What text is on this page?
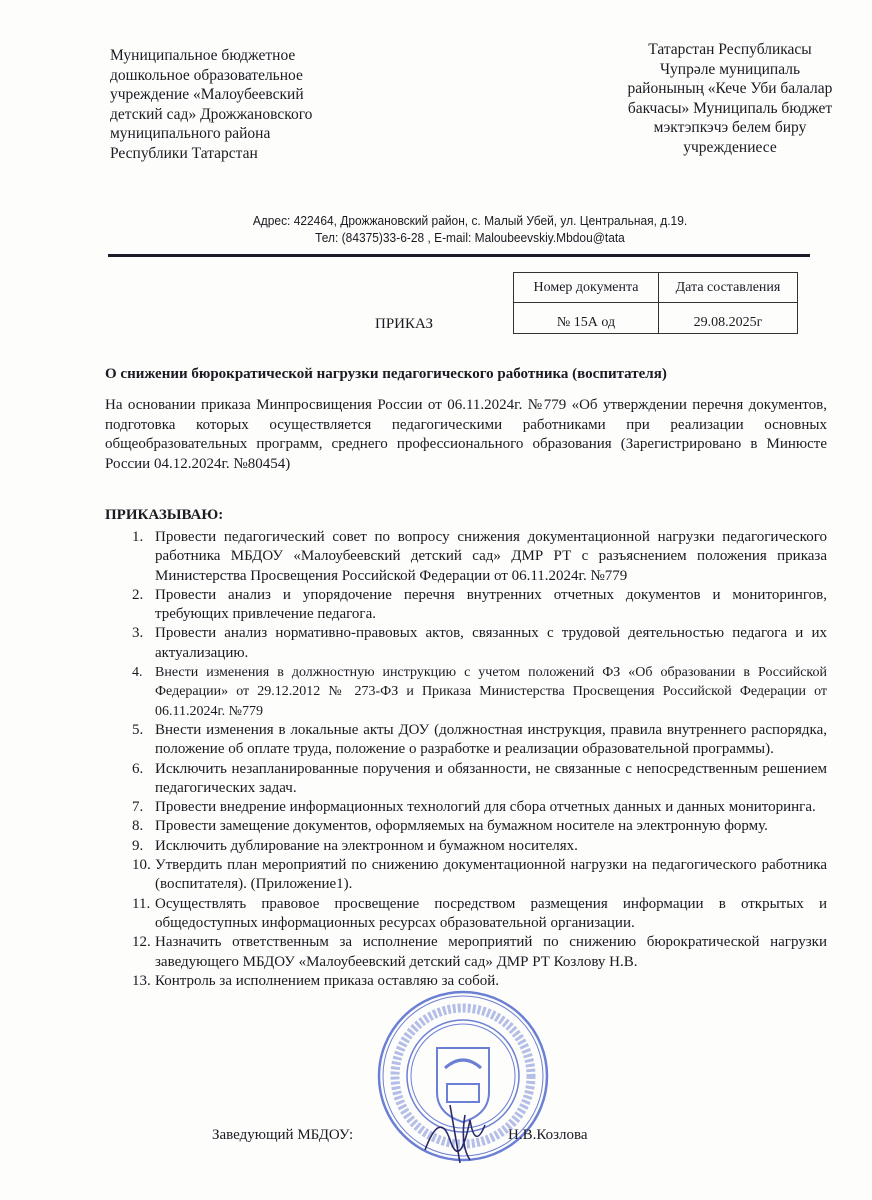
Муниципальное бюджетное
дошкольное образовательное
учреждение «Малоубеевский
детский сад» Дрожжановского
муниципального района
Республики Татарстан
Татарстан Республикасы
Чупрәле муниципаль
районының «Кече Уби балалар
бакчасы» Муниципаль бюджет
мэктэпкэчэ белем биру
учреждениесе
Адрес: 422464, Дрожжановский район, с. Малый Убей, ул. Центральная, д.19.
Тел: (84375)33-6-28 , E-mail: Maloubeevskiy.Mbdou@tata
Номер документа	Дата составления
№ 15А од	29.08.2025г
ПРИКАЗ
О снижении бюрократической нагрузки педагогического работника (воспитателя)
На основании приказа Минпросвищения России от 06.11.2024г. №779 «Об утверждении перечня документов, подготовка которых осуществляется педагогическими работниками при реализации основных общеобразовательных программ, среднего профессионального образования (Зарегистрировано в Минюсте России 04.12.2024г. №80454)
ПРИКАЗЫВАЮ:
1. Провести педагогический совет по вопросу снижения документационной нагрузки педагогического работника МБДОУ «Малоубеевский детский сад» ДМР РТ с разъяснением положения приказа Министерства Просвещения Российской Федерации от 06.11.2024г. №779
2. Провести анализ и упорядочение перечня внутренних отчетных документов и мониторингов, требующих привлечение педагога.
3. Провести анализ нормативно-правовых актов, связанных с трудовой деятельностью педагога и их актуализацию.
4. Внести изменения в должностную инструкцию с учетом положений ФЗ «Об образовании в Российской Федерации» от 29.12.2012 № 273-ФЗ и Приказа Министерства Просвещения Российской Федерации от 06.11.2024г. №779
5. Внести изменения в локальные акты ДОУ (должностная инструкция, правила внутреннего распорядка, положение об оплате труда, положение о разработке и реализации образовательной программы).
6. Исключить незапланированные поручения и обязанности, не связанные с непосредственным решением педагогических задач.
7. Провести внедрение информационных технологий для сбора отчетных данных и данных мониторинга.
8. Провести замещение документов, оформляемых на бумажном носителе на электронную форму.
9. Исключить дублирование на электронном и бумажном носителях.
10. Утвердить план мероприятий по снижению документационной нагрузки на педагогического работника (воспитателя). (Приложение1).
11. Осуществлять правовое просвещение посредством размещения информации в открытых и общедоступных информационных ресурсах образовательной организации.
12. Назначить ответственным за исполнение мероприятий по снижению бюрократической нагрузки заведующего МБДОУ «Малоубеевский детский сад» ДМР РТ Козлову Н.В.
13. Контроль за исполнением приказа оставляю за собой.
Заведующий МБДОУ:	Н.В.Козлова
